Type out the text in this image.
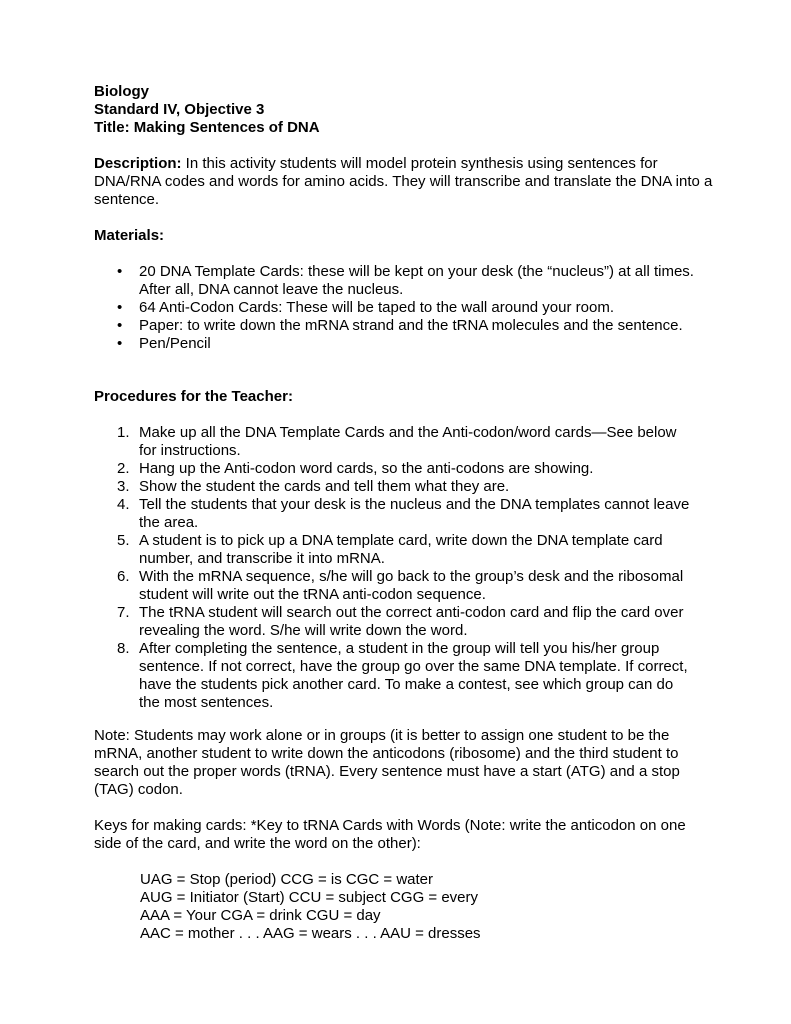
Biology
Standard IV, Objective 3
Title: Making Sentences of DNA
Description: In this activity students will model protein synthesis using sentences for DNA/RNA codes and words for amino acids. They will transcribe and translate the DNA into a sentence.
Materials:
• 20 DNA Template Cards: these will be kept on your desk (the “nucleus”) at all times. After all, DNA cannot leave the nucleus.
• 64 Anti-Codon Cards: These will be taped to the wall around your room.
• Paper: to write down the mRNA strand and the tRNA molecules and the sentence.
• Pen/Pencil
Procedures for the Teacher:
1. Make up all the DNA Template Cards and the Anti-codon/word cards—See below for instructions.
2. Hang up the Anti-codon word cards, so the anti-codons are showing.
3. Show the student the cards and tell them what they are.
4. Tell the students that your desk is the nucleus and the DNA templates cannot leave the area.
5. A student is to pick up a DNA template card, write down the DNA template card number, and transcribe it into mRNA.
6. With the mRNA sequence, s/he will go back to the group’s desk and the ribosomal student will write out the tRNA anti-codon sequence.
7. The tRNA student will search out the correct anti-codon card and flip the card over revealing the word. S/he will write down the word.
8. After completing the sentence, a student in the group will tell you his/her group sentence. If not correct, have the group go over the same DNA template. If correct, have the students pick another card. To make a contest, see which group can do the most sentences.
Note: Students may work alone or in groups (it is better to assign one student to be the mRNA, another student to write down the anticodons (ribosome) and the third student to search out the proper words (tRNA). Every sentence must have a start (ATG) and a stop (TAG) codon.
Keys for making cards: *Key to tRNA Cards with Words (Note: write the anticodon on one side of the card, and write the word on the other):
UAG = Stop (period) CCG = is CGC = water
AUG = Initiator (Start) CCU = subject CGG = every
AAA = Your CGA = drink CGU = day
AAC = mother . . . AAG = wears . . . AAU = dresses
